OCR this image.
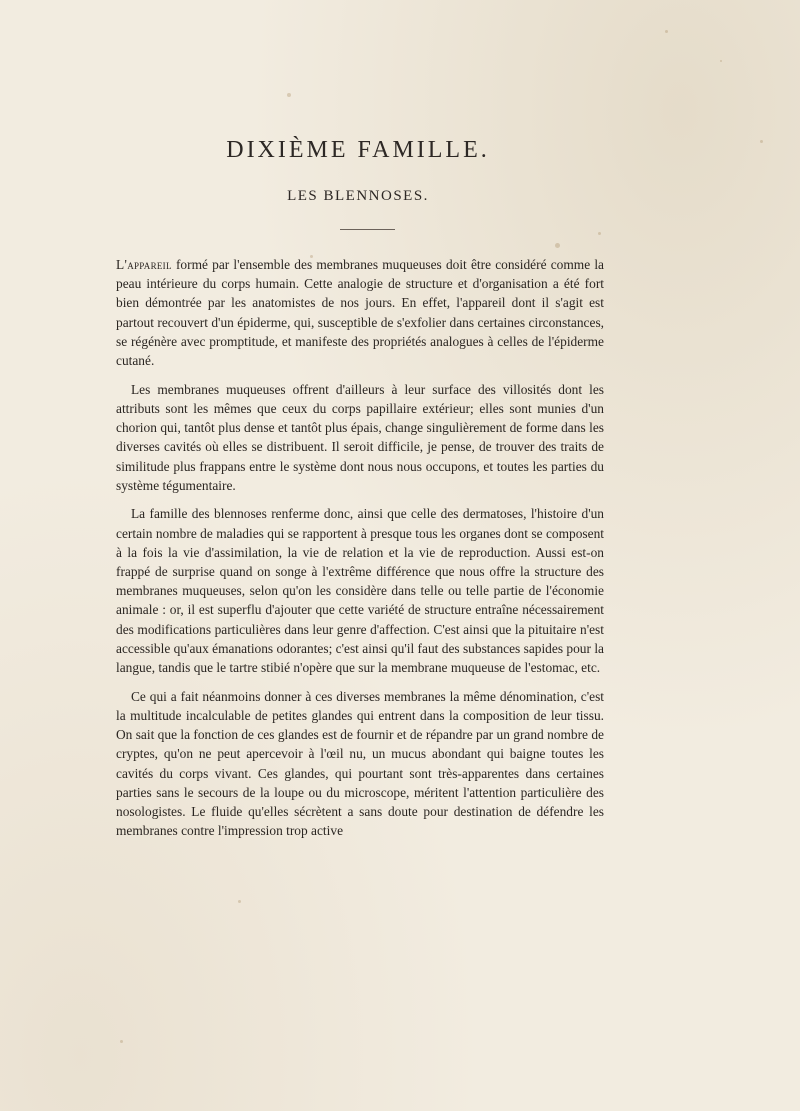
DIXIÈME FAMILLE.
LES BLENNOSES.

L'appareil formé par l'ensemble des membranes muqueuses doit être considéré comme la peau intérieure du corps humain. Cette analogie de structure et d'organisation a été fort bien démontrée par les anatomistes de nos jours. En effet, l'appareil dont il s'agit est partout recouvert d'un épiderme, qui, susceptible de s'exfolier dans certaines circonstances, se régénère avec promptitude, et manifeste des propriétés analogues à celles de l'épiderme cutané.

Les membranes muqueuses offrent d'ailleurs à leur surface des villosités dont les attributs sont les mêmes que ceux du corps papillaire extérieur; elles sont munies d'un chorion qui, tantôt plus dense et tantôt plus épais, change singulièrement de forme dans les diverses cavités où elles se distribuent. Il seroit difficile, je pense, de trouver des traits de similitude plus frappans entre le système dont nous nous occupons, et toutes les parties du système tégumentaire.

La famille des blennoses renferme donc, ainsi que celle des dermatoses, l'histoire d'un certain nombre de maladies qui se rapportent à presque tous les organes dont se composent à la fois la vie d'assimilation, la vie de relation et la vie de reproduction. Aussi est-on frappé de surprise quand on songe à l'extrême différence que nous offre la structure des membranes muqueuses, selon qu'on les considère dans telle ou telle partie de l'économie animale : or, il est superflu d'ajouter que cette variété de structure entraîne nécessairement des modifications particulières dans leur genre d'affection. C'est ainsi que la pituitaire n'est accessible qu'aux émanations odorantes; c'est ainsi qu'il faut des substances sapides pour la langue, tandis que le tartre stibié n'opère que sur la membrane muqueuse de l'estomac, etc.

Ce qui a fait néanmoins donner à ces diverses membranes la même dénomination, c'est la multitude incalculable de petites glandes qui entrent dans la composition de leur tissu. On sait que la fonction de ces glandes est de fournir et de répandre par un grand nombre de cryptes, qu'on ne peut apercevoir à l'œil nu, un mucus abondant qui baigne toutes les cavités du corps vivant. Ces glandes, qui pourtant sont très-apparentes dans certaines parties sans le secours de la loupe ou du microscope, méritent l'attention particulière des nosologistes. Le fluide qu'elles sécrètent a sans doute pour destination de défendre les membranes contre l'impression trop active
